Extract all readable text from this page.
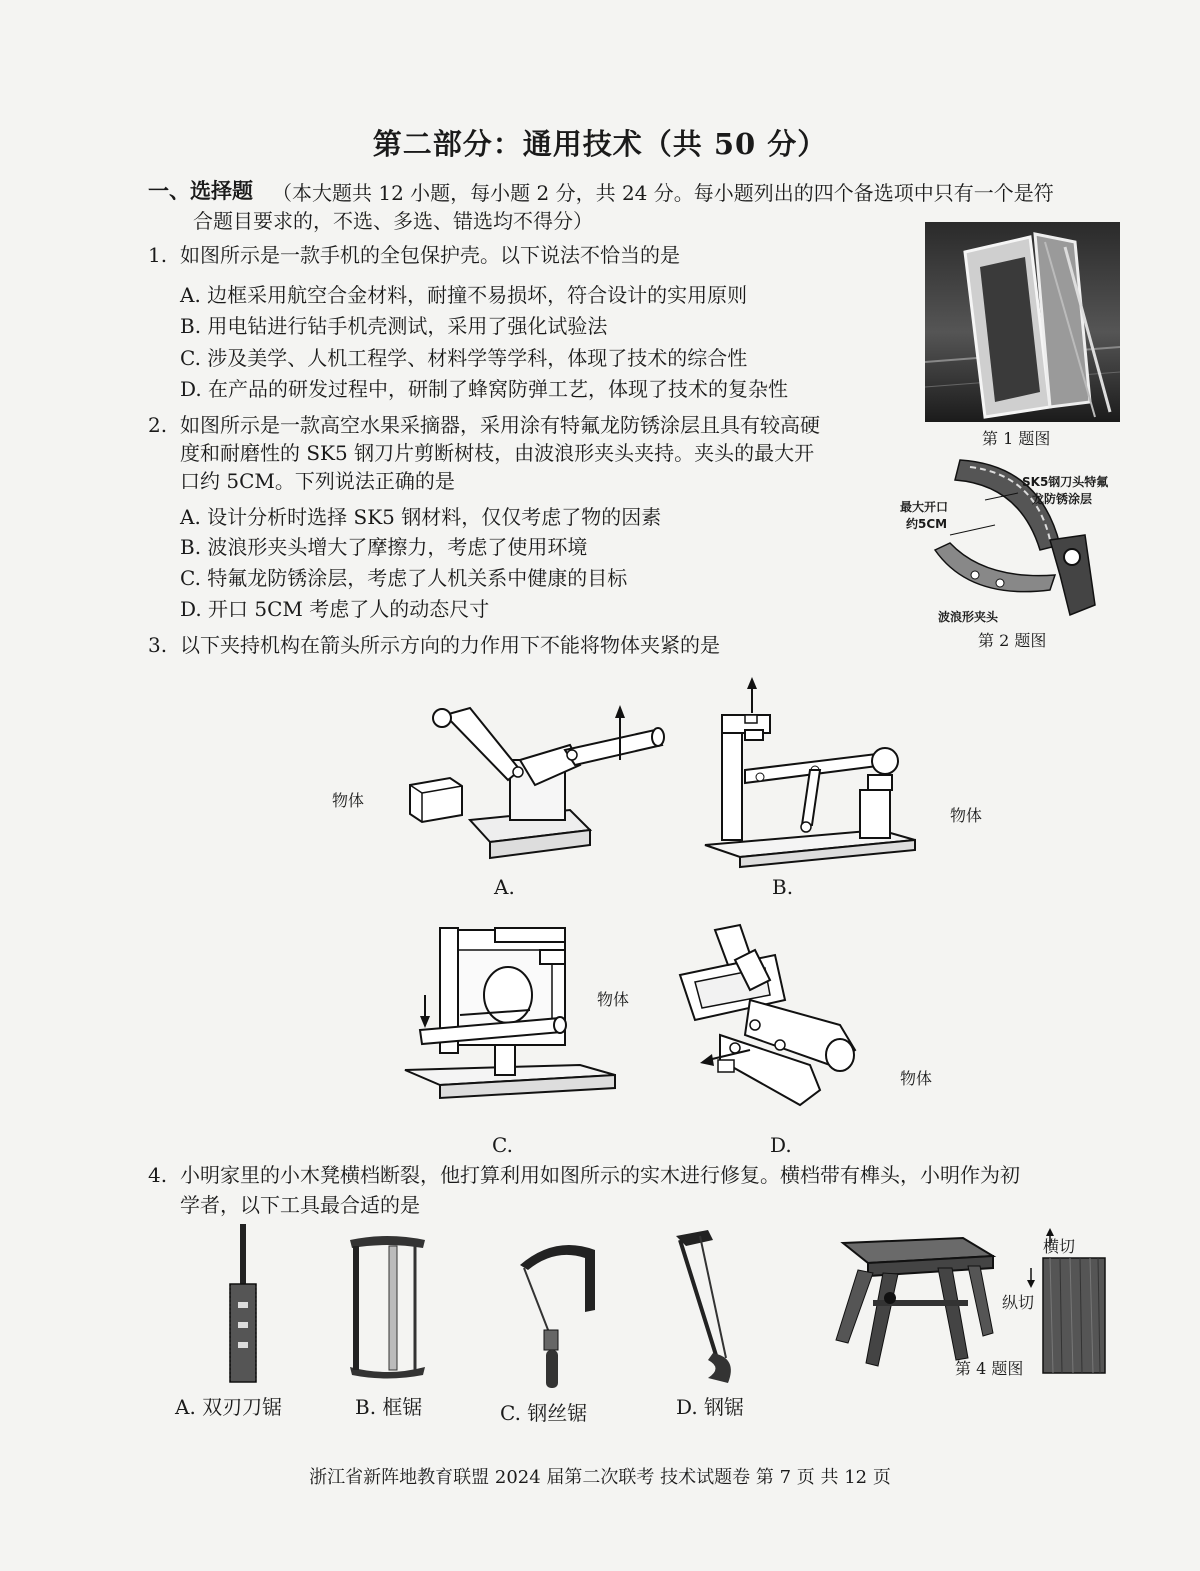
第二部分：通用技术（共 50 分）
一、选择题 （本大题共 12 小题，每小题 2 分，共 24 分。每小题列出的四个备选项中只有一个是符
合题目要求的，不选、多选、错选均不得分）
1. 如图所示是一款手机的全包保护壳。以下说法不恰当的是
A. 边框采用航空合金材料，耐撞不易损坏，符合设计的实用原则
B. 用电钻进行钻手机壳测试，采用了强化试验法
C. 涉及美学、人机工程学、材料学等学科，体现了技术的综合性
D. 在产品的研发过程中，研制了蜂窝防弹工艺，体现了技术的复杂性
第 1 题图
2. 如图所示是一款高空水果采摘器，采用涂有特氟龙防锈涂层且具有较高硬
度和耐磨性的 SK5 钢刀片剪断树枝，由波浪形夹头夹持。夹头的最大开
口约 5CM。下列说法正确的是
A. 设计分析时选择 SK5 钢材料，仅仅考虑了物的因素
B. 波浪形夹头增大了摩擦力，考虑了使用环境
C. 特氟龙防锈涂层，考虑了人机关系中健康的目标
D. 开口 5CM 考虑了人的动态尺寸
SK5钢刀头特氟
龙防锈涂层
最大开口
约5CM
波浪形夹头
第 2 题图
3. 以下夹持机构在箭头所示方向的力作用下不能将物体夹紧的是
物体
A.
物体
B.
物体
C.
物体
D.
4. 小明家里的小木凳横档断裂，他打算利用如图所示的实木进行修复。横档带有榫头，小明作为初
学者，以下工具最合适的是
A. 双刃刀锯	B. 框锯	C. 钢丝锯	D. 钢锯
第 4 题图
横切
纵切
浙江省新阵地教育联盟 2024 届第二次联考 技术试题卷 第 7 页 共 12 页
